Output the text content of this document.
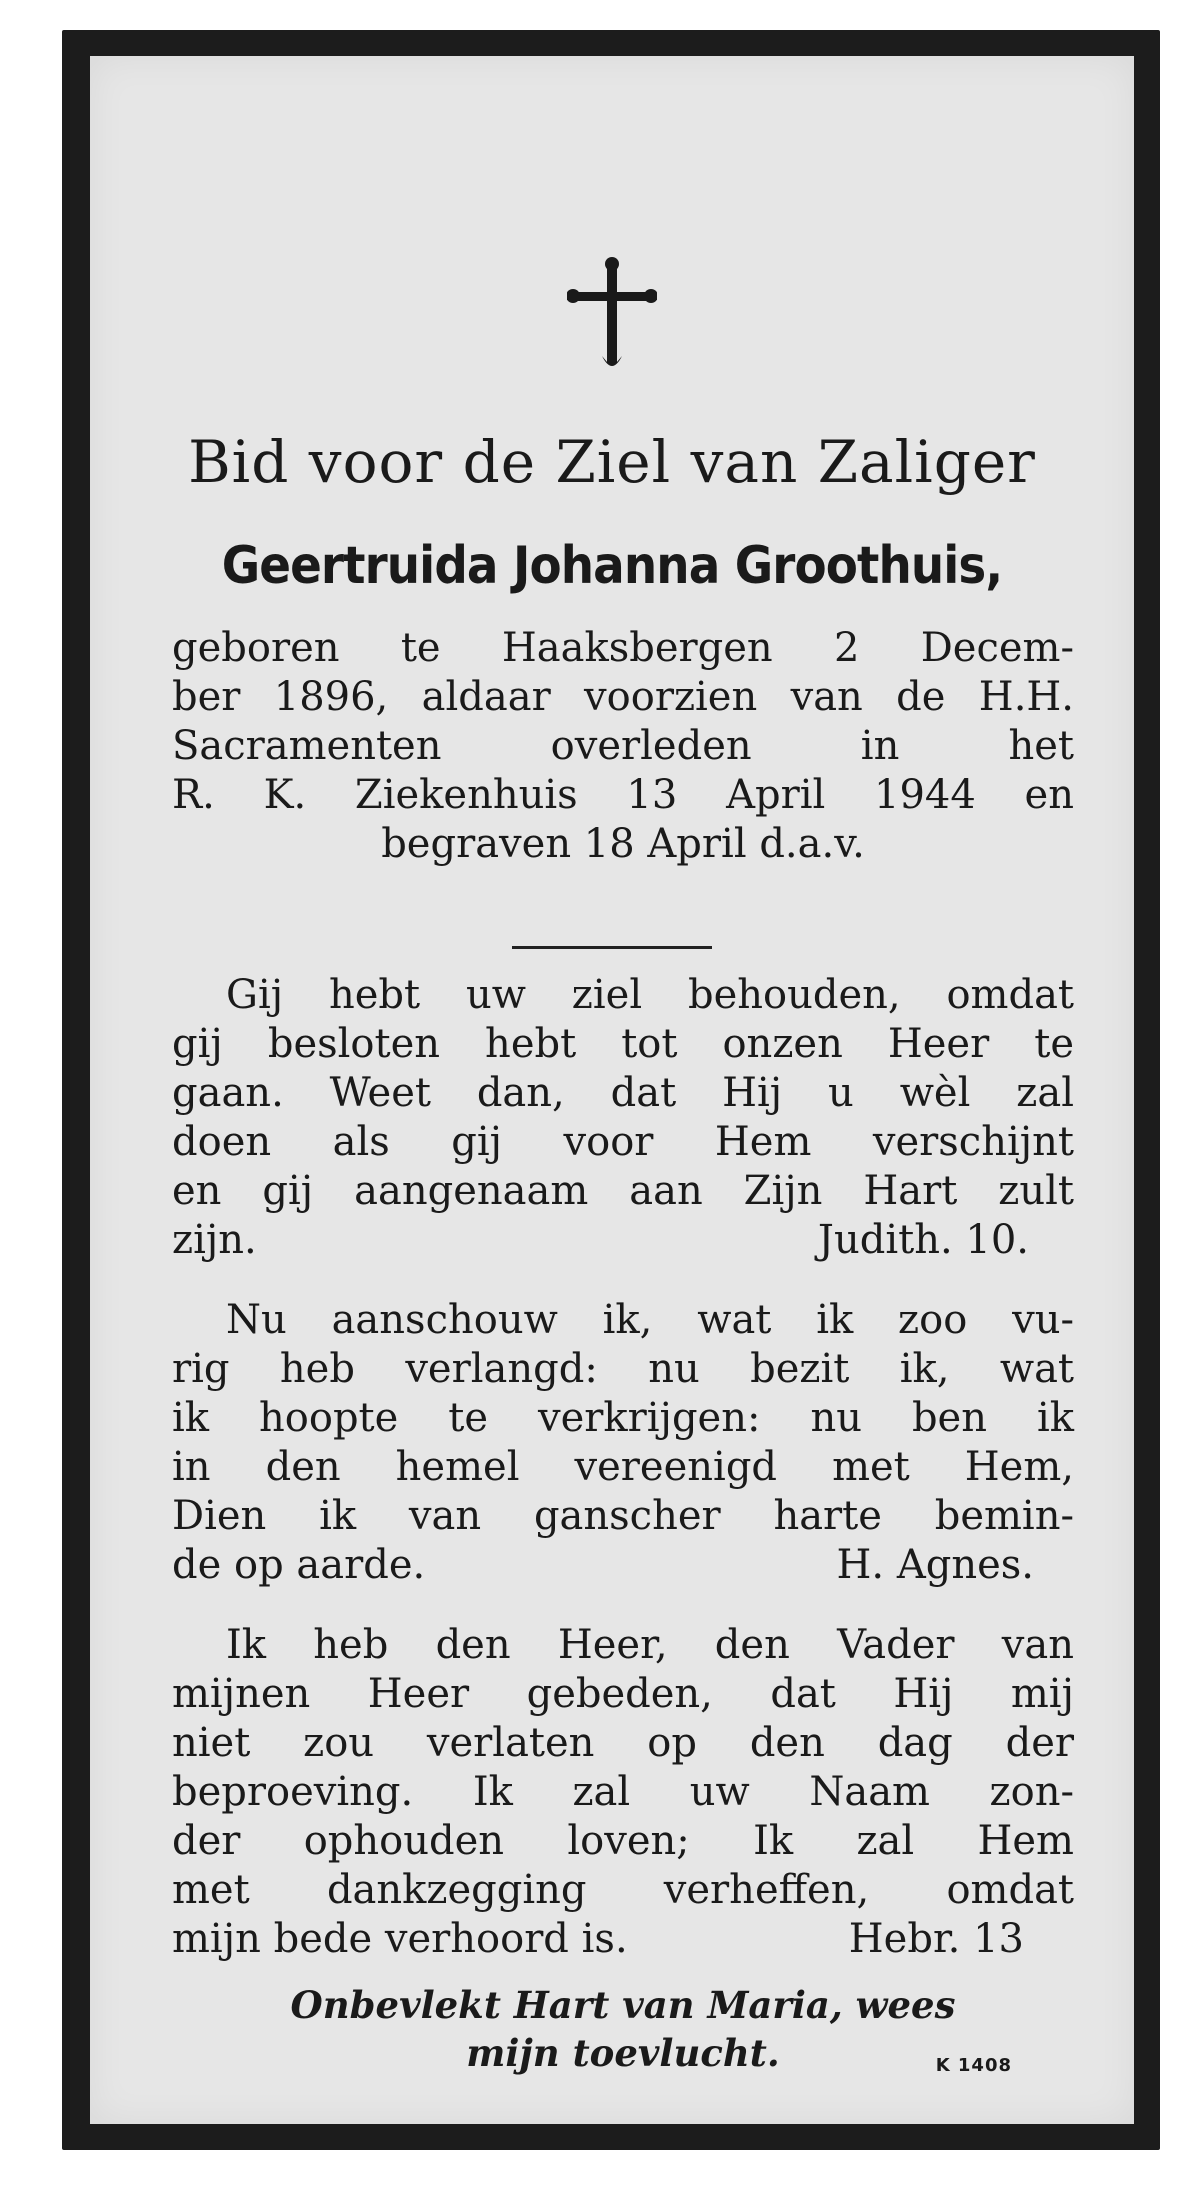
Bid voor de Ziel van Zaliger
Geertruida Johanna Groothuis,
geboren te Haaksbergen 2 Decem-
ber 1896, aldaar voorzien van de H.H.
Sacramenten overleden in het
R. K. Ziekenhuis 13 April 1944 en
begraven 18 April d.a.v.
Gij hebt uw ziel behouden, omdat
gij besloten hebt tot onzen Heer te
gaan. Weet dan, dat Hij u wèl zal
doen als gij voor Hem verschijnt
en gij aangenaam aan Zijn Hart zult
zijn.	Judith. 10.
Nu aanschouw ik, wat ik zoo vu-
rig heb verlangd: nu bezit ik, wat
ik hoopte te verkrijgen: nu ben ik
in den hemel vereenigd met Hem,
Dien ik van ganscher harte bemin-
de op aarde.	H. Agnes.
Ik heb den Heer, den Vader van
mijnen Heer gebeden, dat Hij mij
niet zou verlaten op den dag der
beproeving. Ik zal uw Naam zon-
der ophouden loven; Ik zal Hem
met dankzegging verheffen, omdat
mijn bede verhoord is.	Hebr. 13
Onbevlekt Hart van Maria, wees
mijn toevlucht.	K 1408
